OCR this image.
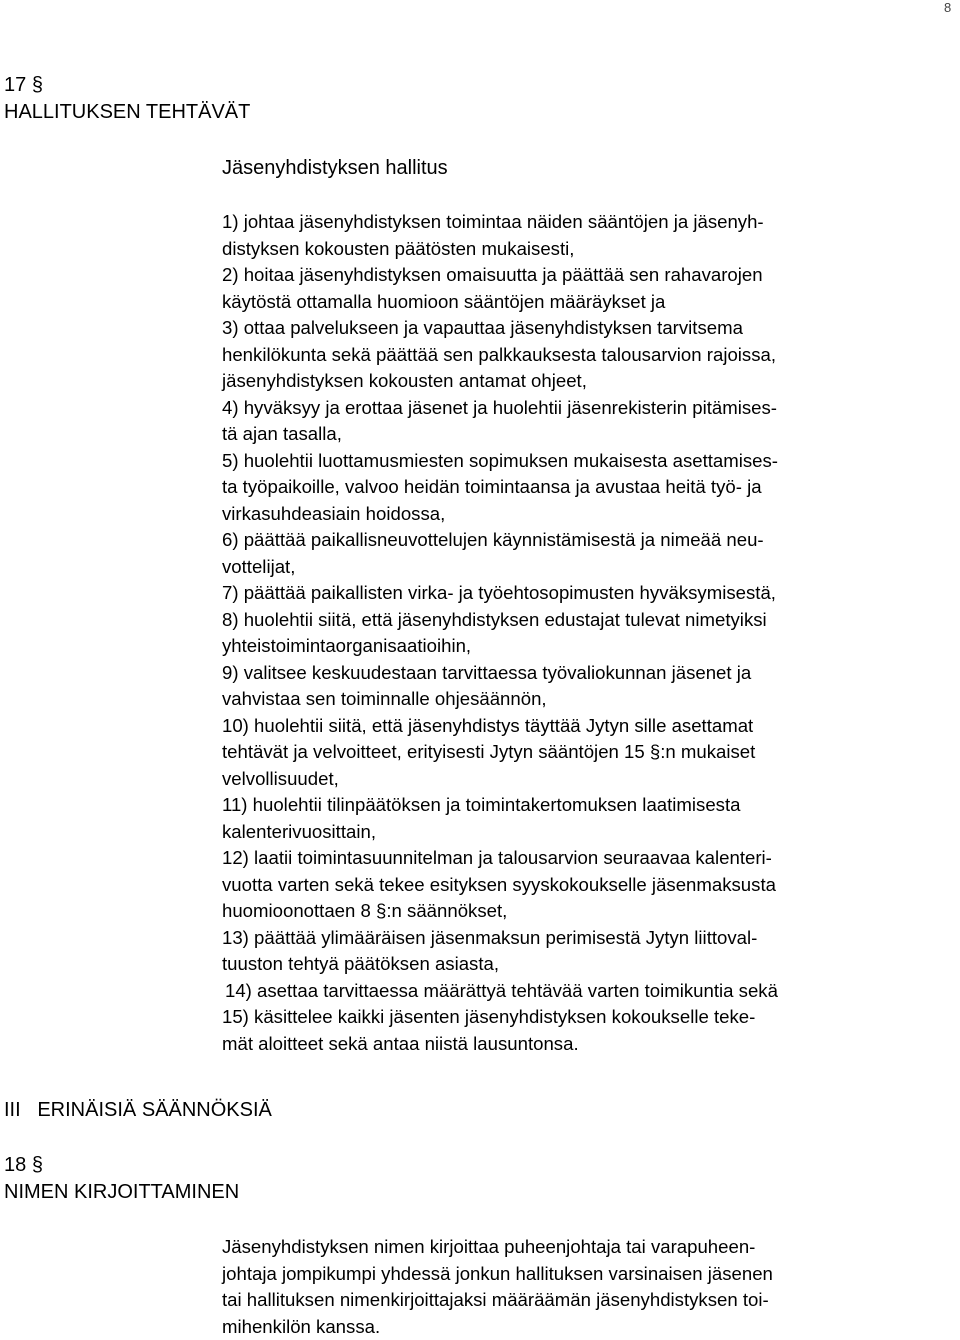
8
17 §
HALLITUKSEN TEHTÄVÄT
Jäsenyhdistyksen hallitus
1) johtaa jäsenyhdistyksen toimintaa näiden sääntöjen ja jäsenyh-
distyksen kokousten päätösten mukaisesti,
2) hoitaa jäsenyhdistyksen omaisuutta ja päättää sen rahavarojen
käytöstä ottamalla huomioon sääntöjen määräykset ja
3) ottaa palvelukseen ja vapauttaa jäsenyhdistyksen tarvitsema
henkilökunta sekä päättää sen palkkauksesta talousarvion rajoissa,
jäsenyhdistyksen kokousten antamat ohjeet,
4) hyväksyy ja erottaa jäsenet ja huolehtii jäsenrekisterin pitämises-
tä ajan tasalla,
5) huolehtii luottamusmiesten sopimuksen mukaisesta asettamises-
ta työpaikoille, valvoo heidän toimintaansa ja avustaa heitä työ- ja
virkasuhdeasiain hoidossa,
6) päättää paikallisneuvottelujen käynnistämisestä ja nimeää neu-
vottelijat,
7) päättää paikallisten virka- ja työehtosopimusten hyväksymisestä,
8) huolehtii siitä, että jäsenyhdistyksen edustajat tulevat nimetyiksi
yhteistoimintaorganisaatioihin,
9) valitsee keskuudestaan tarvittaessa työvaliokunnan jäsenet ja
vahvistaa sen toiminnalle ohjesäännön,
10) huolehtii siitä, että jäsenyhdistys täyttää Jytyn sille asettamat
tehtävät ja velvoitteet, erityisesti Jytyn sääntöjen 15 §:n mukaiset
velvollisuudet,
11) huolehtii tilinpäätöksen ja toimintakertomuksen laatimisesta
kalenterivuosittain,
12) laatii toimintasuunnitelman ja talousarvion seuraavaa kalenteri-
vuotta varten sekä tekee esityksen syyskokoukselle jäsenmaksusta
huomioonottaen 8 §:n säännökset,
13) päättää ylimääräisen jäsenmaksun perimisestä Jytyn liittoval-
tuuston tehtyä päätöksen asiasta,
14) asettaa tarvittaessa määrättyä tehtävää varten toimikuntia sekä
15) käsittelee kaikki jäsenten jäsenyhdistyksen kokoukselle teke-
mät aloitteet sekä antaa niistä lausuntonsa.
III ERINÄISIÄ SÄÄNNÖKSIÄ
18 §
NIMEN KIRJOITTAMINEN
Jäsenyhdistyksen nimen kirjoittaa puheenjohtaja tai varapuheen-
johtaja jompikumpi yhdessä jonkun hallituksen varsinaisen jäsenen
tai hallituksen nimenkirjoittajaksi määräämän jäsenyhdistyksen toi-
mihenkilön kanssa.
